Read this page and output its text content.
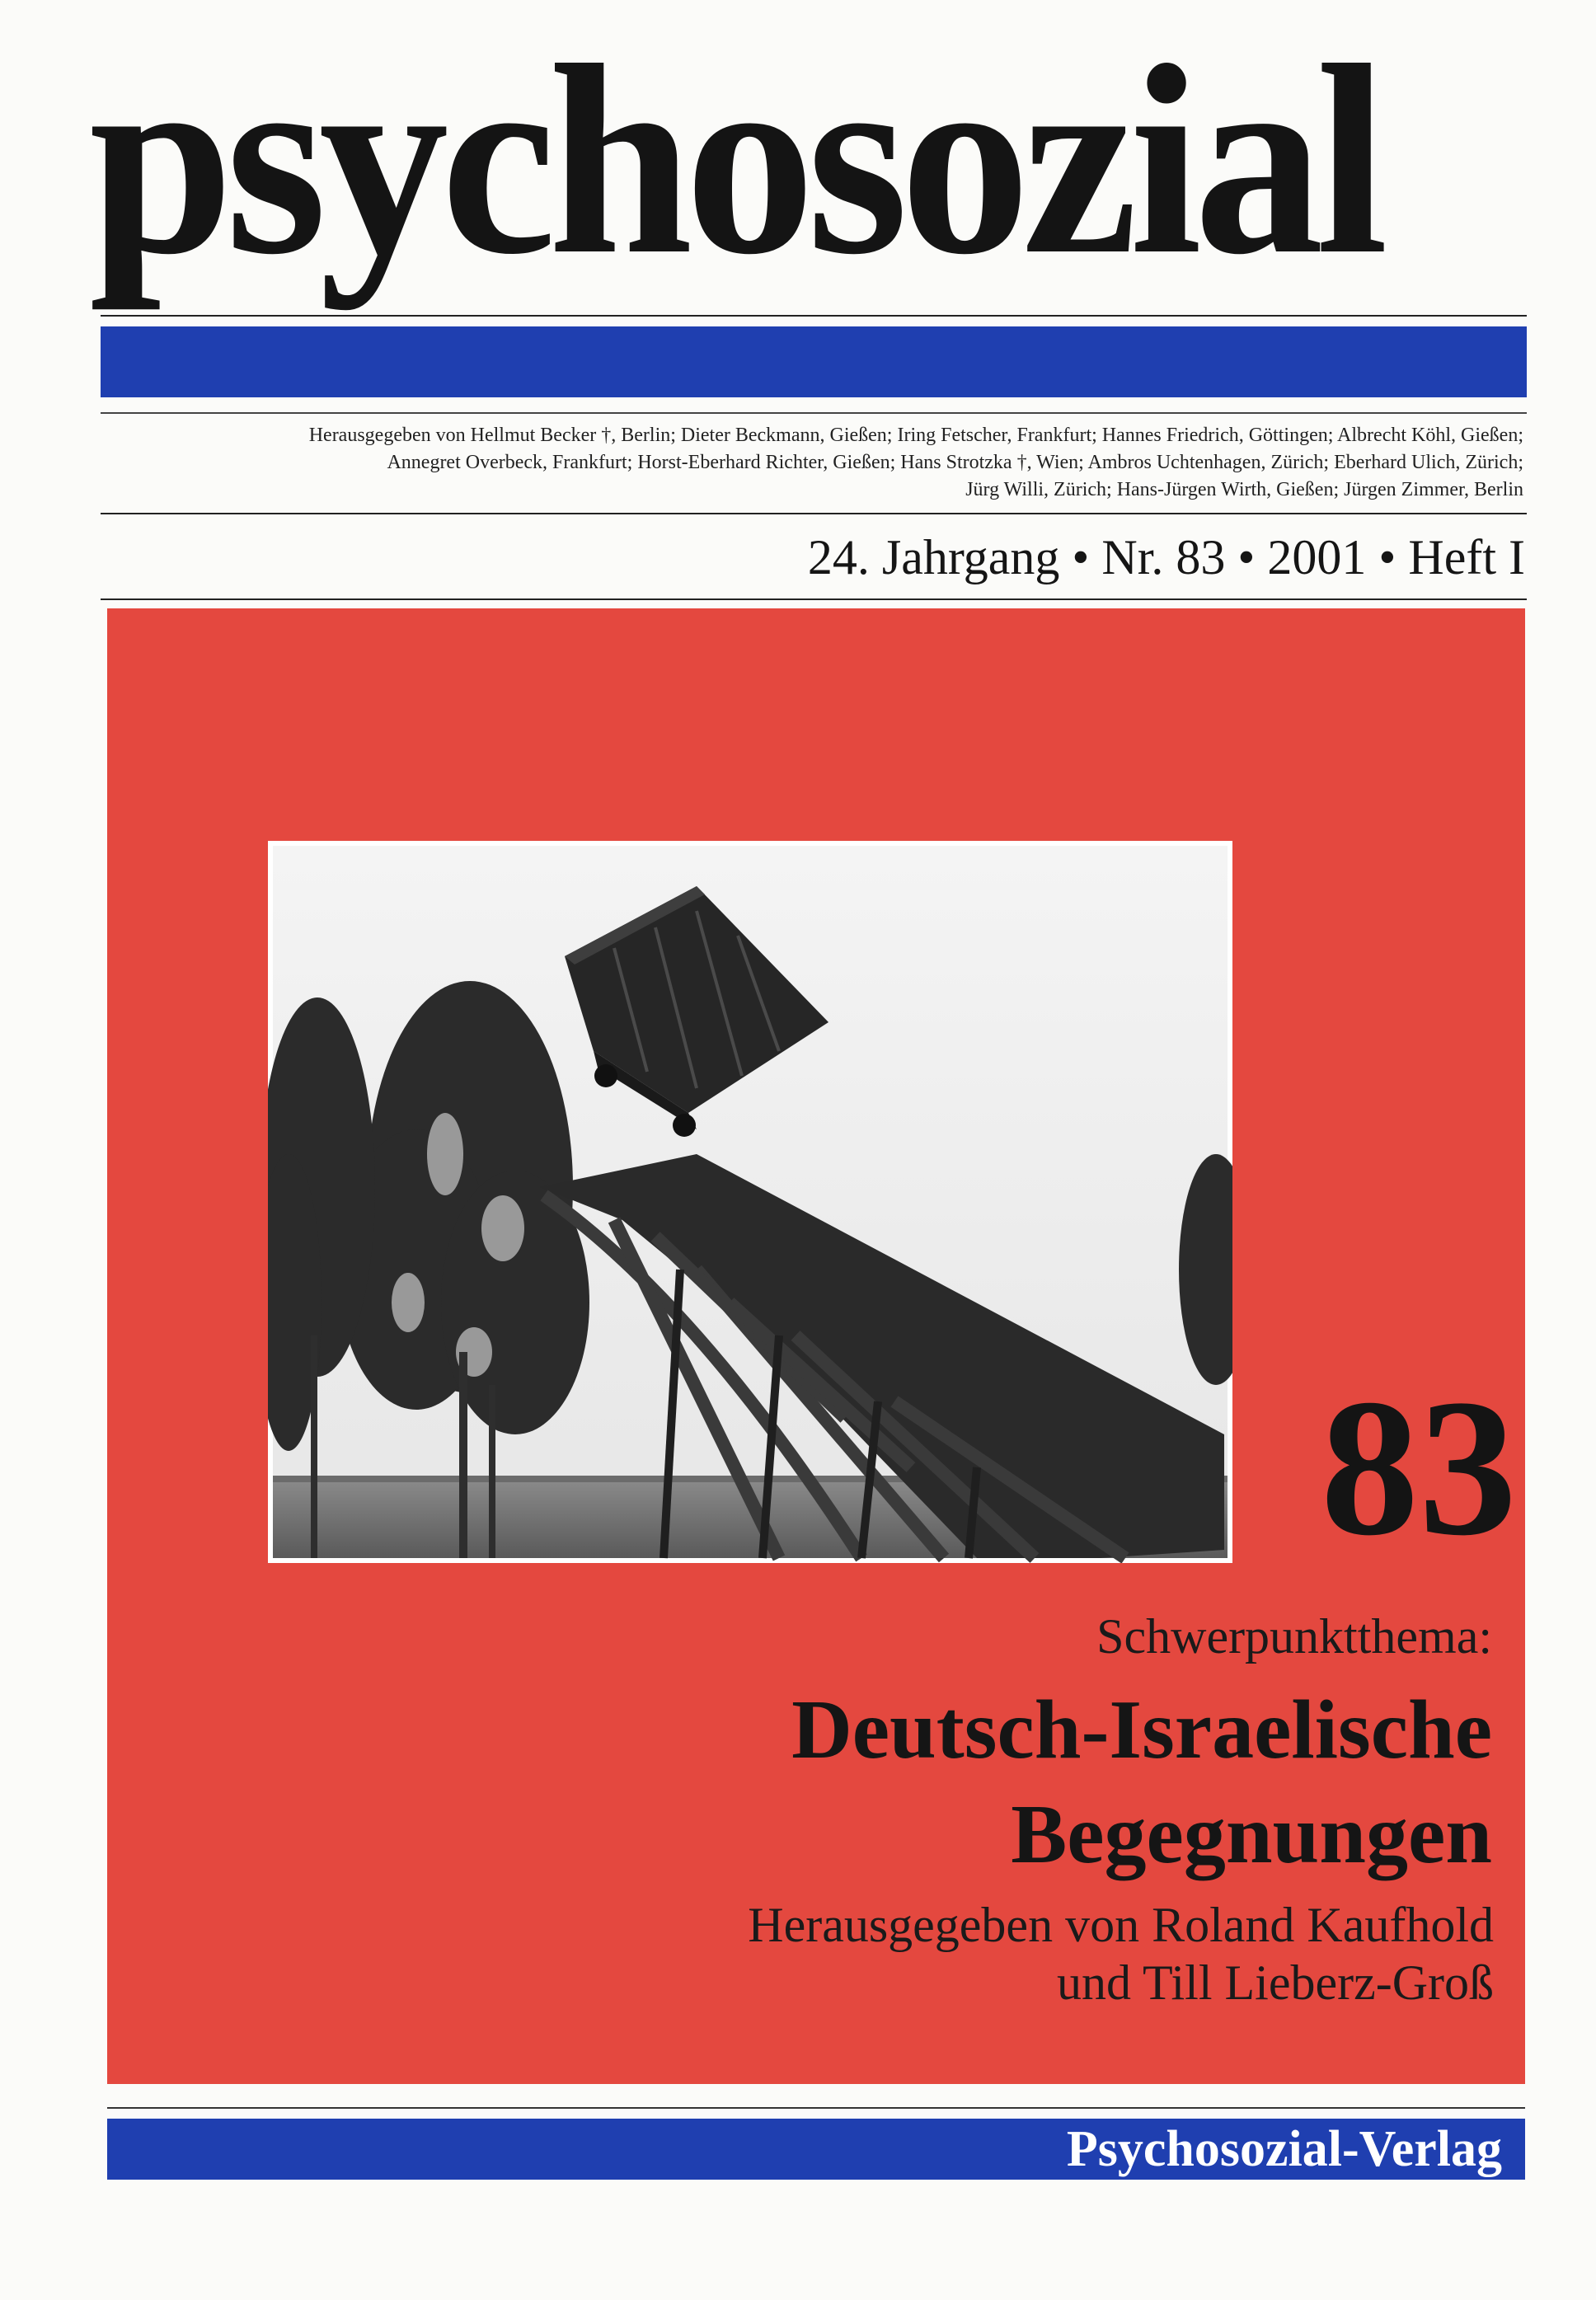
psychosozial
Herausgegeben von Hellmut Becker †, Berlin; Dieter Beckmann, Gießen; Iring Fetscher, Frankfurt; Hannes Friedrich, Göttingen; Albrecht Köhl, Gießen;
Annegret Overbeck, Frankfurt; Horst-Eberhard Richter, Gießen; Hans Strotzka †, Wien; Ambros Uchtenhagen, Zürich; Eberhard Ulich, Zürich;
Jürg Willi, Zürich; Hans-Jürgen Wirth, Gießen; Jürgen Zimmer, Berlin
24. Jahrgang • Nr. 83 • 2001 • Heft I
83
Schwerpunktthema:
Deutsch-Israelische
Begegnungen
Herausgegeben von Roland Kaufhold
und Till Lieberz-Groß
Psychosozial-Verlag
